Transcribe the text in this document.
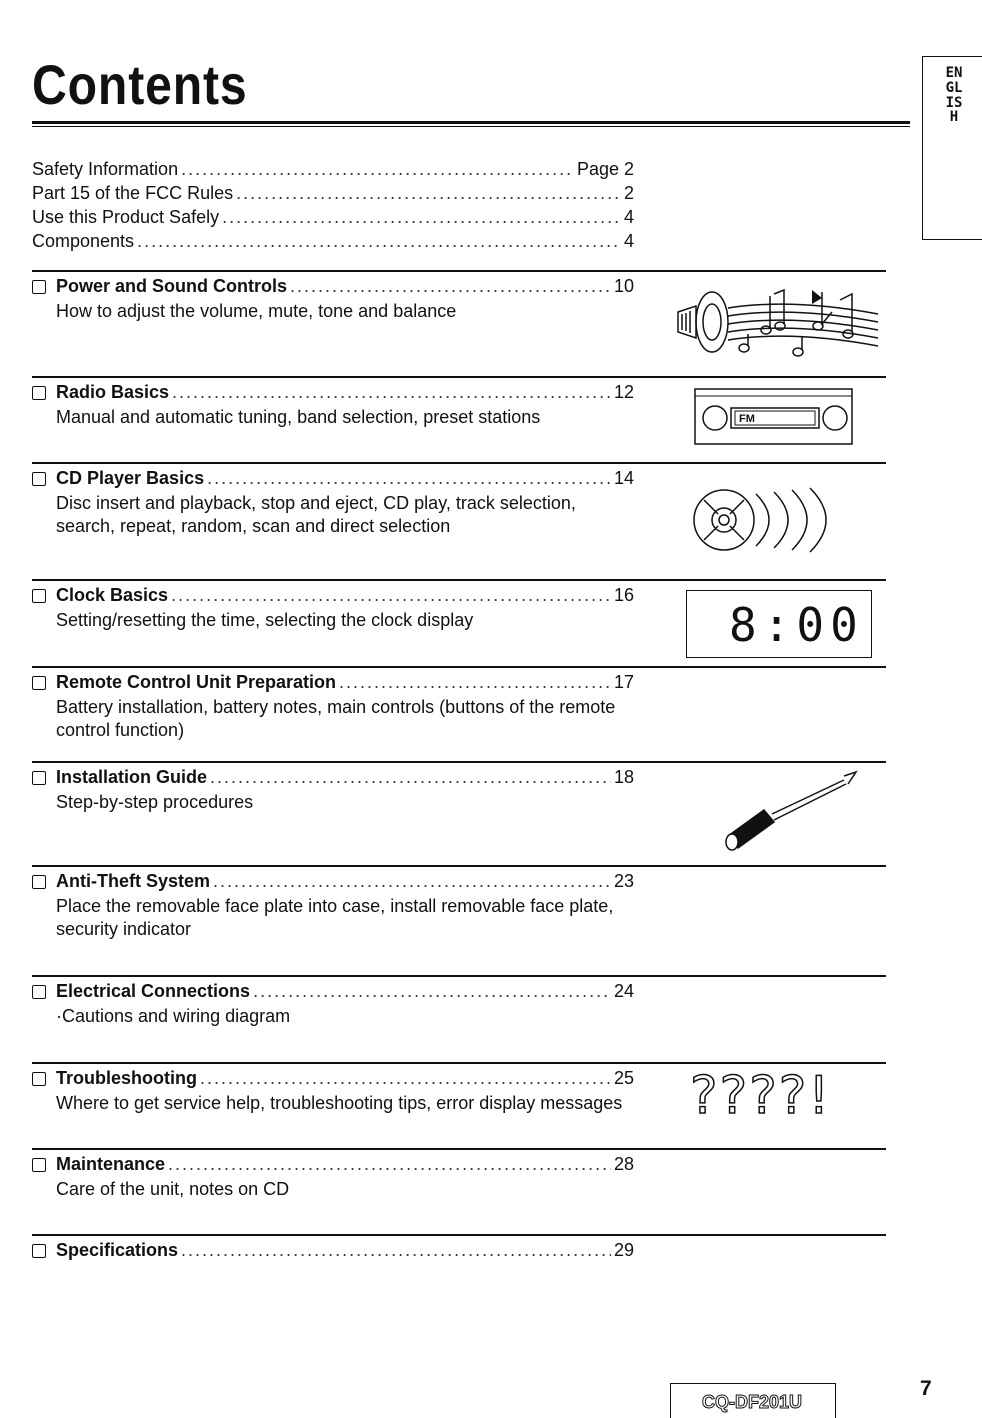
Contents	ENGLISH
Safety Information .....	Page 2
Part 15 of the FCC Rules .....	2
Use this Product Safely .....	4
Components .....	4
Power and Sound Controls .....	10
How to adjust the volume, mute, tone and balance
Radio Basics .....	12
Manual and automatic tuning, band selection, preset stations
CD Player Basics .....	14
Disc insert and playback, stop and eject, CD play, track selection, search, repeat, random, scan and direct selection
Clock Basics .....	16
Setting/resetting the time, selecting the clock display
Remote Control Unit Preparation .....	17
Battery installation, battery notes, main controls (buttons of the remote control function)
Installation Guide .....	18
Step-by-step procedures
Anti-Theft System .....	23
Place the removable face plate into case, install removable face plate, security indicator
Electrical Connections .....	24
·Cautions and wiring diagram
Troubleshooting .....	25
Where to get service help, troubleshooting tips, error display messages
Maintenance .....	28
Care of the unit, notes on CD
Specifications .....	29
FM
8:00
????!
CQ-DF201U
7
